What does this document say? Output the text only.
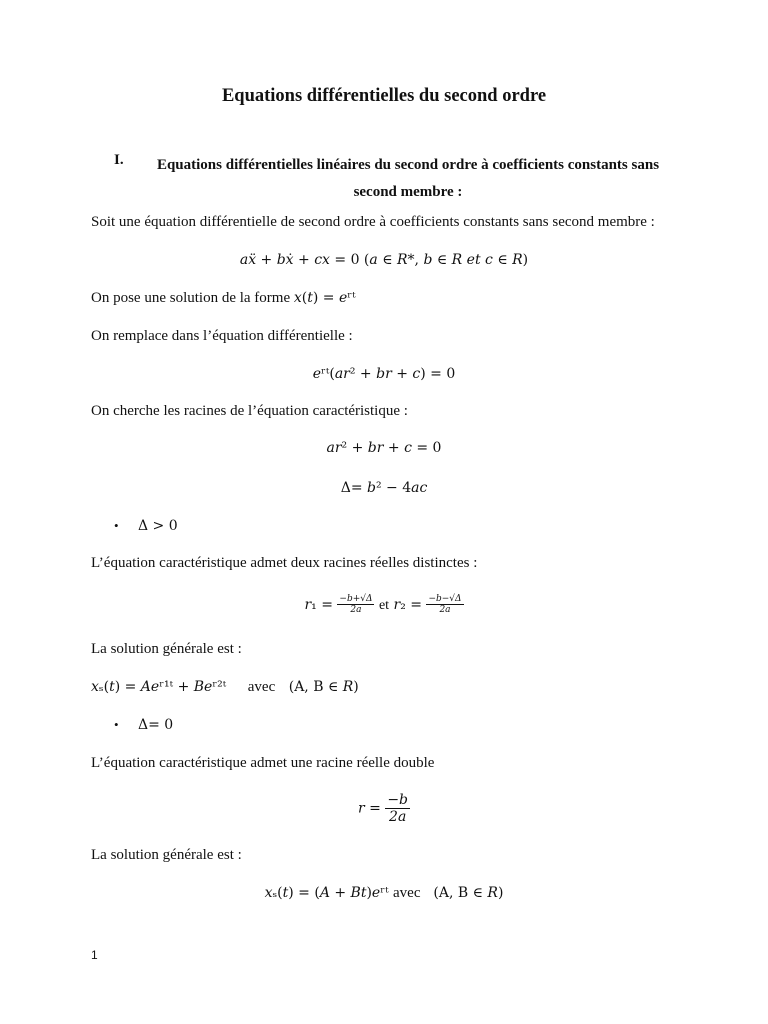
Equations différentielles du second ordre
I.	Equations différentielles linéaires du second ordre à coefficients constants sans second membre :
Soit une équation différentielle de second ordre à coefficients constants sans second membre :
𝑎𝑥̈ + 𝑏𝑥̇ + 𝑐𝑥 = 0 (𝑎 ∈ 𝑅*, 𝑏 ∈ 𝑅 𝑒𝑡 𝑐 ∈ 𝑅)
On pose une solution de la forme 𝑥(𝑡) = 𝑒ʳᵗ
On remplace dans l’équation différentielle :
𝑒ʳᵗ(𝑎𝑟² + 𝑏𝑟 + 𝑐) = 0
On cherche les racines de l’équation caractéristique :
𝑎𝑟² + 𝑏𝑟 + 𝑐 = 0
Δ= 𝑏² − 4𝑎𝑐
• Δ > 0
L’équation caractéristique admet deux racines réelles distinctes :
𝑟₁ = $\frac{-b+√\Delta}{2a}$ et 𝑟₂ = $\frac{-b-√\Delta}{2a}$
La solution générale est :
𝑥ₛ(𝑡) = 𝐴𝑒ʳ¹ᵗ + 𝐵𝑒ʳ²ᵗ avec (A, B ∈ 𝑅)
• Δ= 0
L’équation caractéristique admet une racine réelle double
𝑟 = $\frac{-b}{2a}$
La solution générale est :
𝑥ₛ(𝑡) = (𝐴 + 𝐵𝑡)𝑒ʳᵗ avec (A, B ∈ 𝑅)
1
